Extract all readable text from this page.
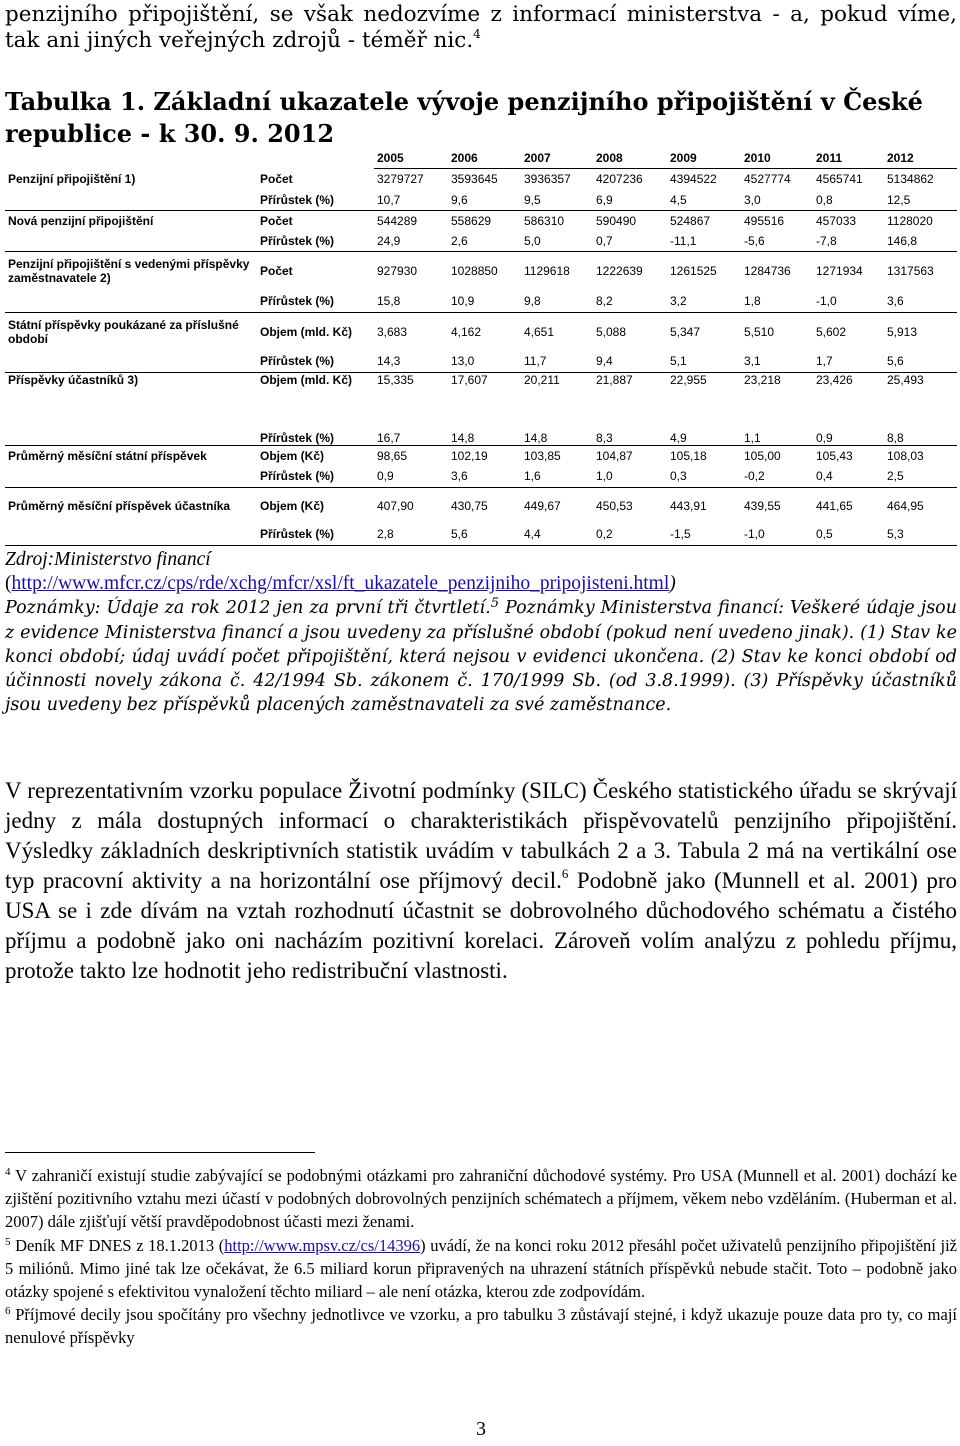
penzijního připojištění, se však nedozvíme z informací ministerstva - a, pokud víme, tak ani jiných veřejných zdrojů - téměř nic.$^4$
Tabulka 1. Základní ukazatele vývoje penzijního připojištění v České republice - k 30. 9. 2012
		2005	2006	2007	2008	2009	2010	2011	2012
Penzijní připojištění 1)	Počet	3279727	3593645	3936357	4207236	4394522	4527774	4565741	5134862
	Přírůstek (%)	10,7	9,6	9,5	6,9	4,5	3,0	0,8	12,5
Nová penzijní připojištění	Počet	544289	558629	586310	590490	524867	495516	457033	1128020
	Přírůstek (%)	24,9	2,6	5,0	0,7	-11,1	-5,6	-7,8	146,8
Penzijní připojištění s vedenými příspěvky zaměstnavatele 2)	Počet	927930	1028850	1129618	1222639	1261525	1284736	1271934	1317563
	Přírůstek (%)	15,8	10,9	9,8	8,2	3,2	1,8	-1,0	3,6
Státní příspěvky poukázané za příslušné období	Objem (mld. Kč)	3,683	4,162	4,651	5,088	5,347	5,510	5,602	5,913
	Přírůstek (%)	14,3	13,0	11,7	9,4	5,1	3,1	1,7	5,6
Příspěvky účastníků 3)	Objem (mld. Kč)	15,335	17,607	20,211	21,887	22,955	23,218	23,426	25,493
	Přírůstek (%)	16,7	14,8	14,8	8,3	4,9	1,1	0,9	8,8
Průměrný měsíční státní příspěvek	Objem (Kč)	98,65	102,19	103,85	104,87	105,18	105,00	105,43	108,03
	Přírůstek (%)	0,9	3,6	1,6	1,0	0,3	-0,2	0,4	2,5
Průměrný měsíční příspěvek účastníka	Objem (Kč)	407,90	430,75	449,67	450,53	443,91	439,55	441,65	464,95
	Přírůstek (%)	2,8	5,6	4,4	0,2	-1,5	-1,0	0,5	5,3
Zdroj:Ministerstvo financí
(http://www.mfcr.cz/cps/rde/xchg/mfcr/xsl/ft_ukazatele_penzijniho_pripojisteni.html)
Poznámky: Údaje za rok 2012 jen za první tři čtvrtletí.$^5$ Poznámky Ministerstva financí: Veškeré údaje jsou z evidence Ministerstva financí a jsou uvedeny za příslušné období (pokud není uvedeno jinak). (1) Stav ke konci období; údaj uvádí počet připojištění, která nejsou v evidenci ukončena. (2) Stav ke konci období od účinnosti novely zákona č. 42/1994 Sb. zákonem č. 170/1999 Sb. (od 3.8.1999). (3) Příspěvky účastníků jsou uvedeny bez příspěvků placených zaměstnavateli za své zaměstnance.
V reprezentativním vzorku populace Životní podmínky (SILC) Českého statistického úřadu se skrývají jedny z mála dostupných informací o charakteristikách přispěvovatelů penzijního připojištění. Výsledky základních deskriptivních statistik uvádím v tabulkách 2 a 3. Tabula 2 má na vertikální ose typ pracovní aktivity a na horizontální ose příjmový decil.$^6$ Podobně jako (Munnell et al. 2001) pro USA se i zde dívám na vztah rozhodnutí účastnit se dobrovolného důchodového schématu a čistého příjmu a podobně jako oni nacházím pozitivní korelaci. Zároveň volím analýzu z pohledu příjmu, protože takto lze hodnotit jeho redistribuční vlastnosti.

$^4$ V zahraničí existují studie zabývající se podobnými otázkami pro zahraniční důchodové systémy. Pro USA (Munnell et al. 2001) dochází ke zjištění pozitivního vztahu mezi účastí v podobných dobrovolných penzijních schématech a příjmem, věkem nebo vzděláním. (Huberman et al. 2007) dále zjišťují větší pravděpodobnost účasti mezi ženami.

$^5$ Deník MF DNES z 18.1.2013 (http://www.mpsv.cz/cs/14396) uvádí, že na konci roku 2012 přesáhl počet uživatelů penzijního připojištění již 5 miliónů. Mimo jiné tak lze očekávat, že 6.5 miliard korun připravených na uhrazení státních příspěvků nebude stačit. Toto – podobně jako otázky spojené s efektivitou vynaložení těchto miliard – ale není otázka, kterou zde zodpovídám.

$^6$ Příjmové decily jsou spočítány pro všechny jednotlivce ve vzorku, a pro tabulku 3 zůstávají stejné, i když ukazuje pouze data pro ty, co mají nenulové příspěvky

3
